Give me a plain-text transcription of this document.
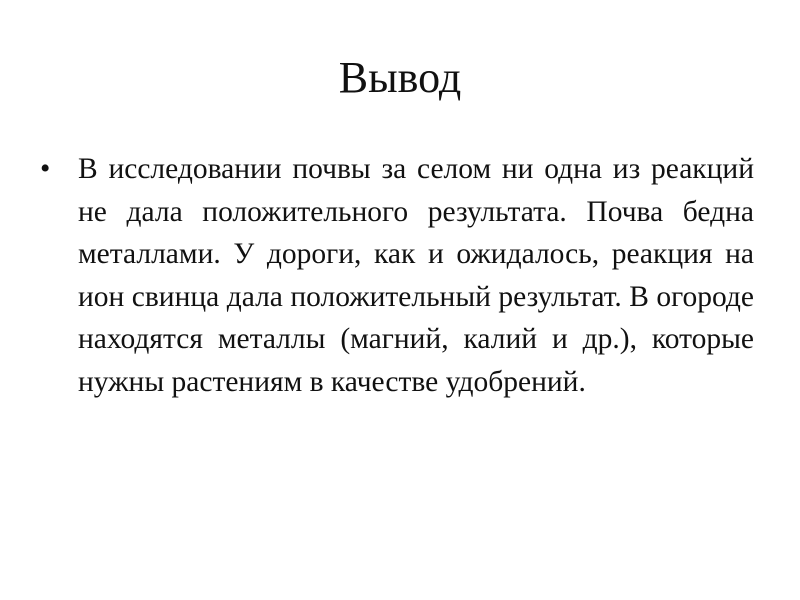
Вывод
• В исследовании почвы за селом ни одна из реакций не дала положительного результата. Почва бедна металлами. У дороги, как и ожидалось, реакция на ион свинца дала положительный результат. В огороде находятся металлы (магний, калий и др.), которые нужны растениям в качестве удобрений.
